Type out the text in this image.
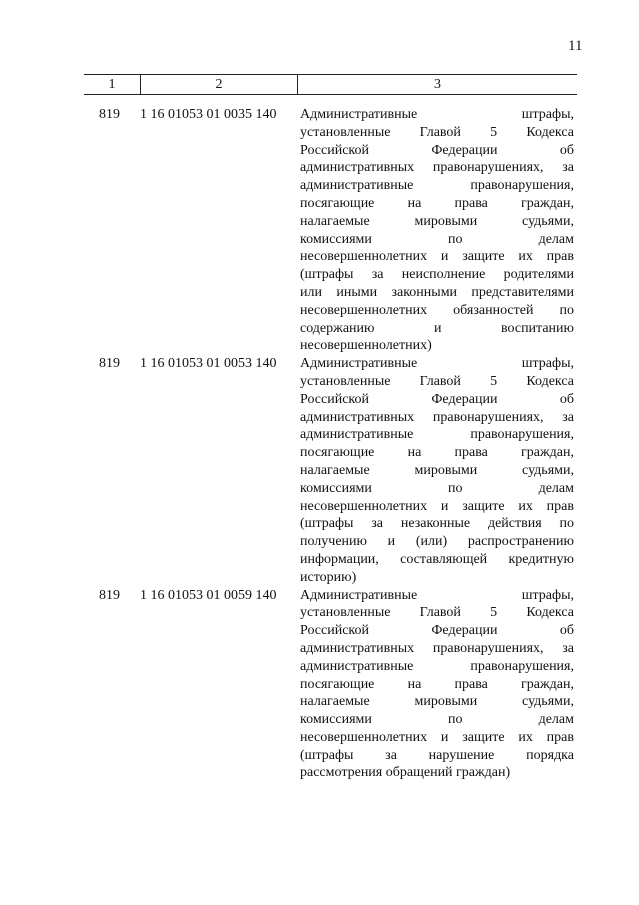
11
1	2	3
819 1 16 01053 01 0035 140 Административные штрафы,
установленные Главой 5 Кодекса
Российской Федерации об
административных правонарушениях, за
административные правонарушения,
посягающие на права граждан,
налагаемые мировыми судьями,
комиссиями по делам
несовершеннолетних и защите их прав
(штрафы за неисполнение родителями
или иными законными представителями
несовершеннолетних обязанностей по
содержанию и воспитанию
несовершеннолетних)
819 1 16 01053 01 0053 140 Административные штрафы,
установленные Главой 5 Кодекса
Российской Федерации об
административных правонарушениях, за
административные правонарушения,
посягающие на права граждан,
налагаемые мировыми судьями,
комиссиями по делам
несовершеннолетних и защите их прав
(штрафы за незаконные действия по
получению и (или) распространению
информации, составляющей кредитную
историю)
819 1 16 01053 01 0059 140 Административные штрафы,
установленные Главой 5 Кодекса
Российской Федерации об
административных правонарушениях, за
административные правонарушения,
посягающие на права граждан,
налагаемые мировыми судьями,
комиссиями по делам
несовершеннолетних и защите их прав
(штрафы за нарушение порядка
рассмотрения обращений граждан)
